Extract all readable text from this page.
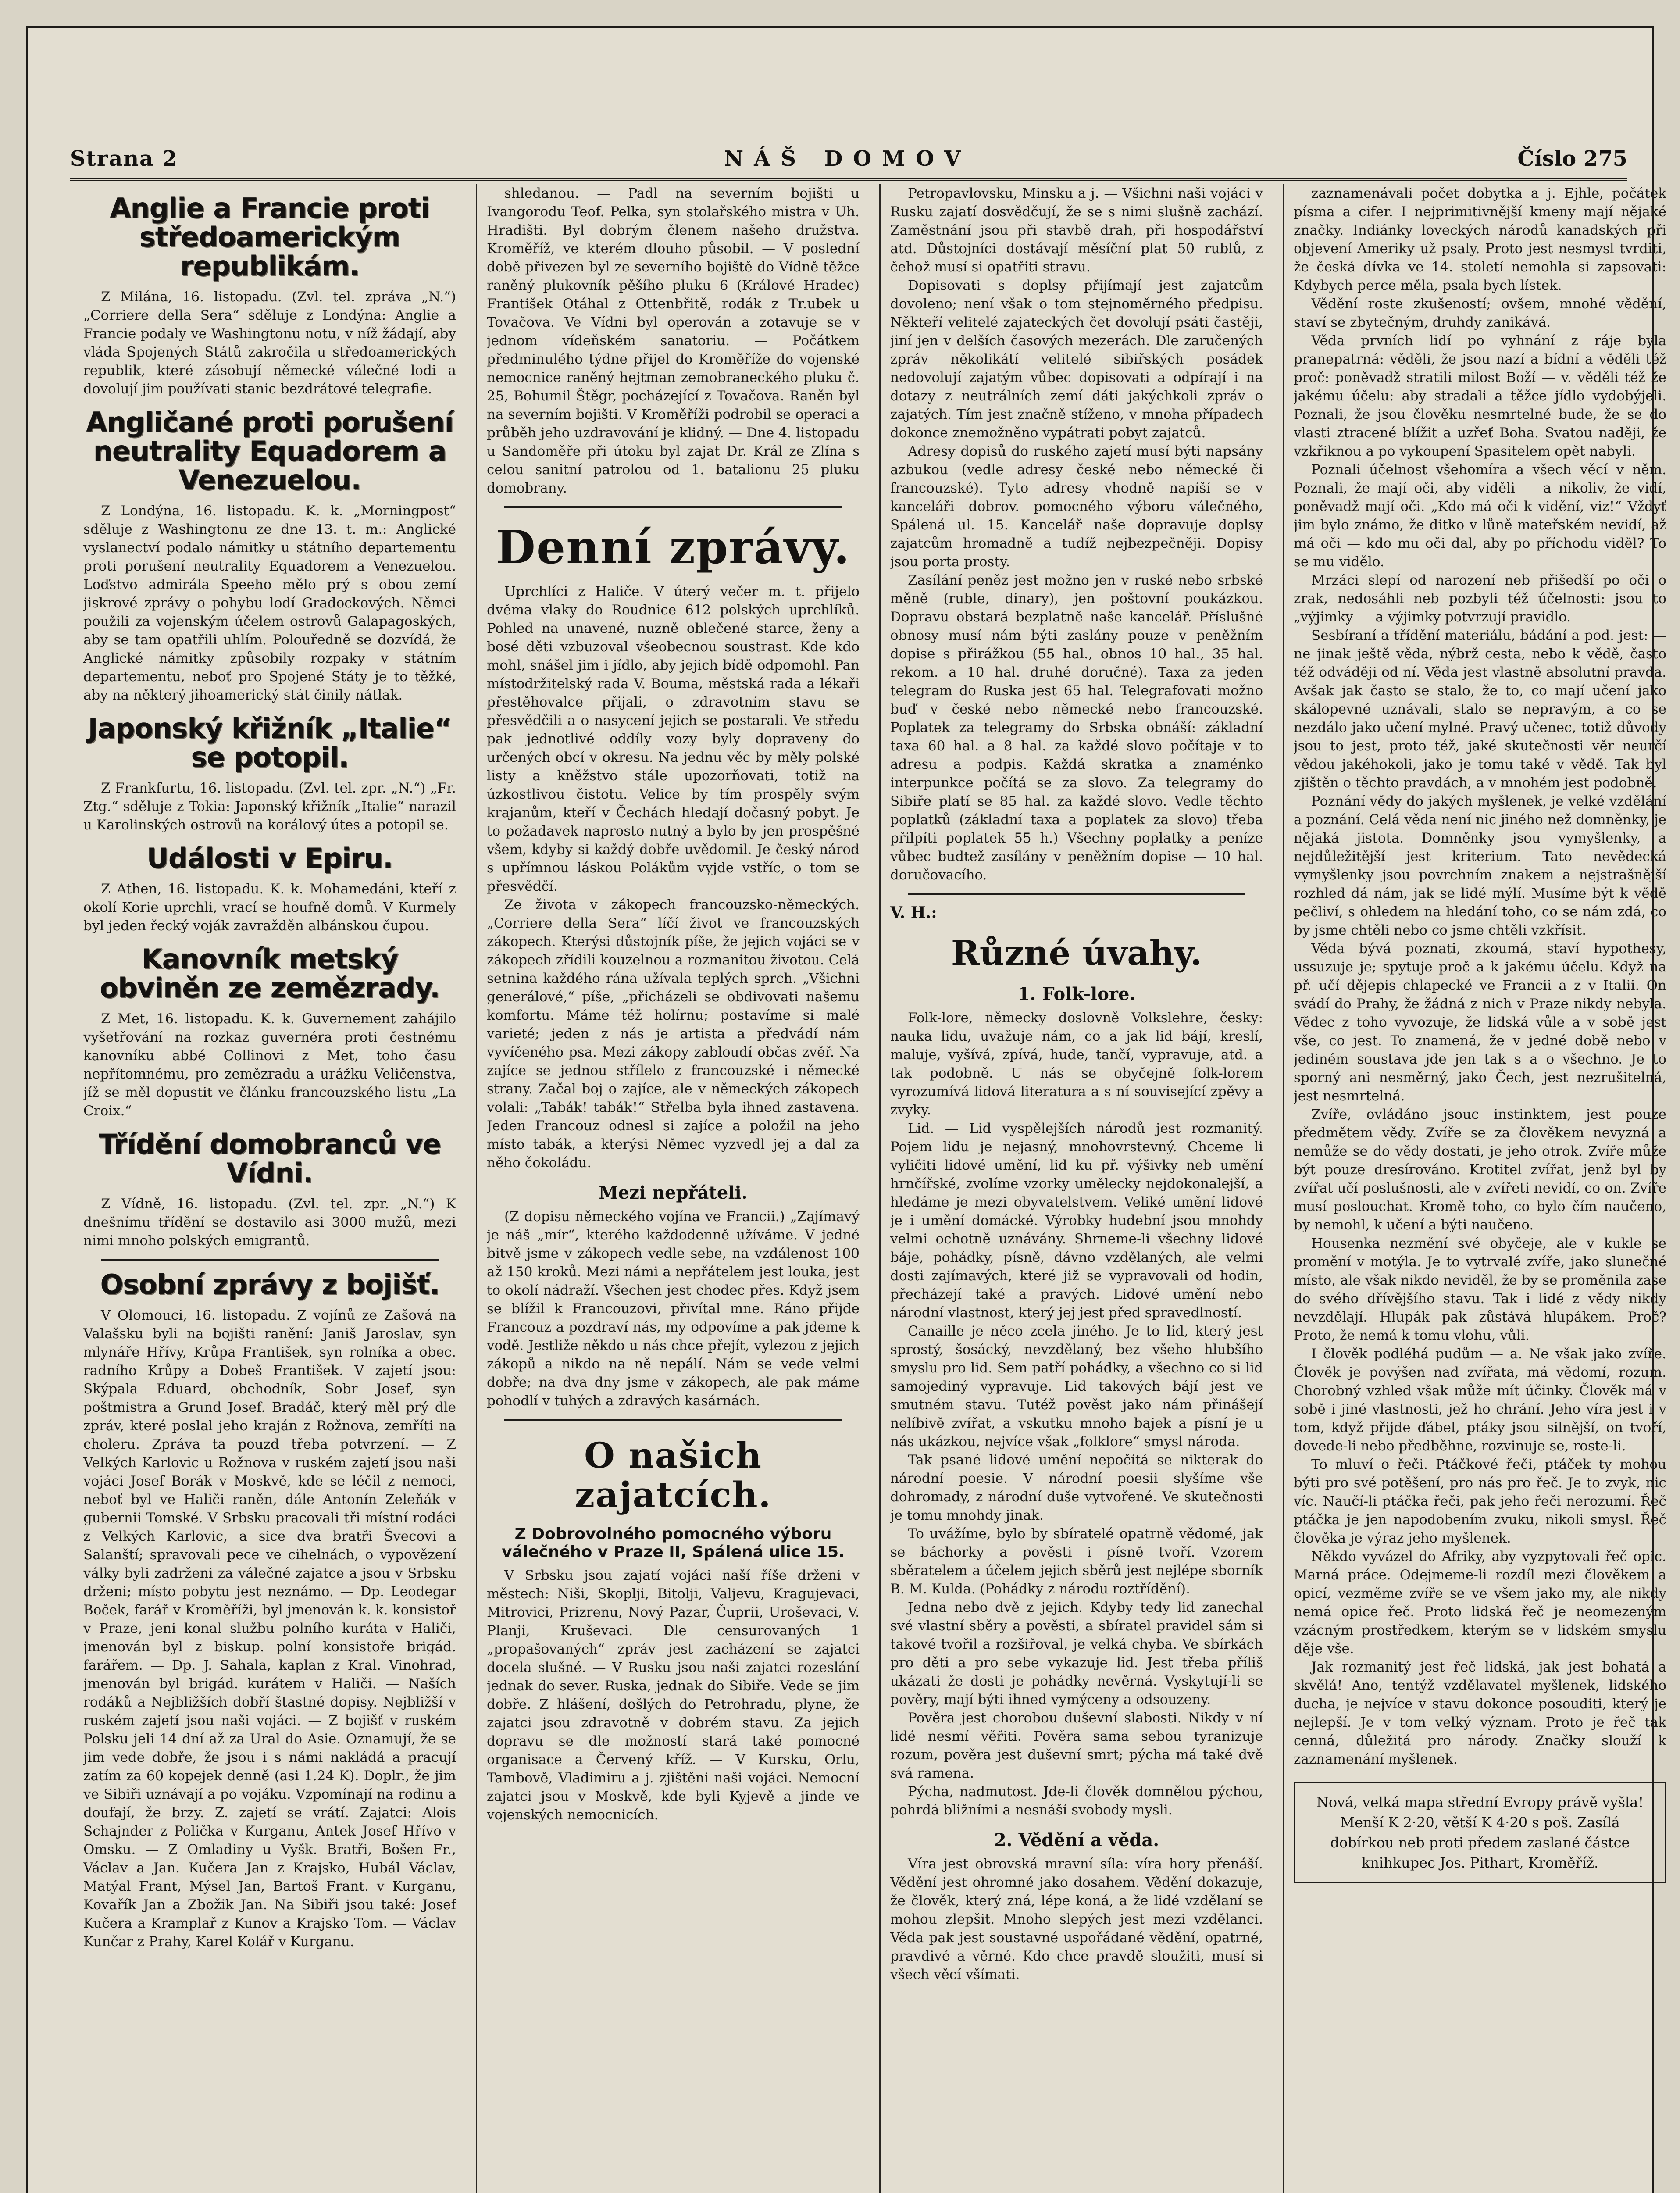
Strana 2	NÁŠ DOMOV	Číslo 275
Anglie a Francie proti středoamerickým republikám.

Z Milána, 16. listopadu. (Zvl. tel. zpráva „N.“) „Corriere della Sera“ sděluje z Londýna: Anglie a Francie podaly ve Washingtonu notu, v níž žádají, aby vláda Spojených Států zakročila u středoamerických republik, které zásobují německé válečné lodi a dovolují jim používati stanic bezdrátové telegrafie.

Angličané proti porušení neutrality Equadorem a Venezuelou.

Z Londýna, 16. listopadu. K. k. „Morningpost“ sděluje z Washingtonu ze dne 13. t. m.: Anglické vyslanectví podalo námitky u státního departementu proti porušení neutrality Equadorem a Venezuelou. Loďstvo admirála Speeho mělo prý s obou zemí jiskrové zprávy o pohybu lodí Gradockových. Němci použili za vojenským účelem ostrovů Galapagoských, aby se tam opatřili uhlím. Polouředně se dozvídá, že Anglické námitky způsobily rozpaky v státním departementu, neboť pro Spojené Státy je to těžké, aby na některý jihoamerický stát činily nátlak.

Japonský křižník „Italie“ se potopil.

Z Frankfurtu, 16. listopadu. (Zvl. tel. zpr. „N.“) „Fr. Ztg.“ sděluje z Tokia: Japonský křižník „Italie“ narazil u Karolinských ostrovů na korálový útes a potopil se.

Události v Epiru.

Z Athen, 16. listopadu. K. k. Mohamedáni, kteří z okolí Korie uprchli, vrací se houfně domů. V Kurmely byl jeden řecký voják zavražděn albánskou čupou.

Kanovník metský obviněn ze zemězrady.

Z Met, 16. listopadu. K. k. Guvernement zahájilo vyšetřování na rozkaz guvernéra proti čestnému kanovníku abbé Collinovi z Met, toho času nepřítomnému, pro zemězradu a urážku Veličenstva, jíž se měl dopustit ve článku francouzského listu „La Croix.“

Třídění domobranců ve Vídni.

Z Vídně, 16. listopadu. (Zvl. tel. zpr. „N.“) K dnešnímu třídění se dostavilo asi 3000 mužů, mezi nimi mnoho polských emigrantů.

Osobní zprávy z bojišť.

V Olomouci, 16. listopadu. Z vojínů ze Zašová na Valašsku byli na bojišti ranění: Janiš Jaroslav, syn mlynáře Hřívy, Krůpa František, syn rolníka a obec. radního Krůpy a Dobeš František. V zajetí jsou: Skýpala Eduard, obchodník, Sobr Josef, syn poštmistra a Grund Josef. Bradáč, který měl prý dle zpráv, které poslal jeho kraján z Rožnova, zemříti na choleru. Zpráva ta pouzd třeba potvrzení. — Z Velkých Karlovic u Rožnova v ruském zajetí jsou naši vojáci Josef Borák v Moskvě, kde se léčil z nemoci, neboť byl ve Haliči raněn, dále Antonín Zeleňák v gubernii Tomské. V Srbsku pracovali tři místní rodáci z Velkých Karlovic, a sice dva bratři Švecovi a Salanští; spravovali pece ve cihelnách, o vypovězení války byli zadrženi za válečné zajatce a jsou v Srbsku drženi; místo pobytu jest neznámo. — Dp. Leodegar Boček, farář v Kroměříži, byl jmenován k. k. konsistoř v Praze, jeni konal službu polního kuráta v Haliči, jmenován byl z biskup. polní konsistoře brigád. farářem. — Dp. J. Sahala, kaplan z Kral. Vinohrad, jmenován byl brigád. kurátem v Haliči. — Naších rodáků a Nejbližších dobří štastné dopisy. Nejbližší v ruském zajetí jsou naši vojáci. — Z bojišť v ruském Polsku jeli 14 dní až za Ural do Asie. Oznamují, že se jim vede dobře, že jsou i s námi nakládá a pracují zatím za 60 kopejek denně (asi 1.24 K). Doplr., že jim ve Sibiři uznávají a po vojáku. Vzpomínají na rodinu a doufají, že brzy. Z. zajetí se vrátí. Zajatci: Alois Schajnder z Polička v Kurganu, Antek Josef Hřívo v Omsku. — Z Omladiny u Vyšk. Bratři, Bošen Fr., Václav a Jan. Kučera Jan z Krajsko, Hubál Václav, Matýal Frant, Mýsel Jan, Bartoš Frant. v Kurganu, Kovařík Jan a Zbožik Jan. Na Sibiři jsou také: Josef Kučera a Kramplař z Kunov a Krajsko Tom. — Václav Kunčar z Prahy, Karel Kolář v Kurganu.

shledanou. — Padl na severním bojišti u Ivangorodu Teof. Pelka, syn stolařského mistra v Uh. Hradišti. Byl dobrým členem našeho družstva. Kroměříž, ve kterém dlouho působil. — V poslední době přivezen byl ze severního bojiště do Vídně těžce raněný plukovník pěšího pluku 6 (Králové Hradec) František Otáhal z Ottenbřitě, rodák z Tr.ubek u Tovačova. Ve Vídni byl operován a zotavuje se v jednom vídeňském sanatoriu. — Počátkem předminulého týdne přijel do Kroměříže do vojenské nemocnice raněný hejtman zemobraneckého pluku č. 25, Bohumil Štěgr, pocházející z Tovačova. Raněn byl na severním bojišti. V Kroměříži podrobil se operaci a průběh jeho uzdravování je klidný. — Dne 4. listopadu u Sandoměře při útoku byl zajat Dr. Král ze Zlína s celou sanitní patrolou od 1. batalionu 25 pluku domobrany.

Denní zprávy.

Uprchlíci z Haliče. V úterý večer m. t. přijelo dvěma vlaky do Roudnice 612 polských uprchlíků. Pohled na unavené, nuzně oblečené starce, ženy a bosé děti vzbuzoval všeobecnou soustrast. Kde kdo mohl, snášel jim i jídlo, aby jejich bídě odpomohl. Pan místodržitelský rada V. Bouma, městská rada a lékaři přestěhovalce přijali, o zdravotním stavu se přesvědčili a o nasycení jejich se postarali. Ve středu pak jednotlivé oddíly vozy byly dopraveny do určených obcí v okresu. Na jednu věc by měly polské listy a kněžstvo stále upozorňovati, totiž na úzkostlivou čistotu. Velice by tím prospěly svým krajanům, kteří v Čechách hledají dočasný pobyt. Je to požadavek naprosto nutný a bylo by jen prospěšné všem, kdyby si každý dobře uvědomil. Je český národ s upřímnou láskou Polákům vyjde vstříc, o tom se přesvědčí.

Ze života v zákopech francouzsko-německých. „Corriere della Sera“ líčí život ve francouzských zákopech. Kterýsi důstojník píše, že jejich vojáci se v zákopech zřídili kouzelnou a rozmanitou životou. Celá setnina každého rána užívala teplých sprch. „Všichni generálové,“ píše, „přicházeli se obdivovati našemu komfortu. Máme též holírnu; postavíme si malé varieté; jeden z nás je artista a předvádí nám vyvíčeného psa. Mezi zákopy zabloudí občas zvěř. Na zajíce se jednou střílelo z francouzské i německé strany. Začal boj o zajíce, ale v německých zákopech volali: „Tabák! tabák!“ Střelba byla ihned zastavena. Jeden Francouz odnesl si zajíce a položil na jeho místo tabák, a kterýsi Němec vyzvedl jej a dal za něho čokoládu.

Mezi nepřáteli.

(Z dopisu německého vojína ve Francii.) „Zajímavý je náš „mír“, kterého každodenně užíváme. V jedné bitvě jsme v zákopech vedle sebe, na vzdálenost 100 až 150 kroků. Mezi námi a nepřátelem jest louka, jest to okolí nádraží. Všechen jest chodec přes. Když jsem se blížil k Francouzovi, přivítal mne. Ráno přijde Francouz a pozdraví nás, my odpovíme a pak jdeme k vodě. Jestliže někdo u nás chce přejít, vylezou z jejich zákopů a nikdo na ně nepálí. Nám se vede velmi dobře; na dva dny jsme v zákopech, ale pak máme pohodlí v tuhých a zdravých kasárnách.

O našich zajatcích.
Z Dobrovolného pomocného výboru válečného v Praze II, Spálená ulice 15.

V Srbsku jsou zajatí vojáci naší říše drženi v městech: Niši, Skoplji, Bitolji, Valjevu, Kragujevaci, Mitrovici, Prizrenu, Nový Pazar, Čuprii, Uroševaci, V. Planji, Kruševaci. Dle censurovaných 1 „propašovaných“ zpráv jest zacházení se zajatci docela slušné. — V Rusku jsou naši zajatci rozeslání jednak do sever. Ruska, jednak do Sibiře. Vede se jim dobře. Z hlášení, došlých do Petrohradu, plyne, že zajatci jsou zdravotně v dobrém stavu. Za jejich dopravu se dle možností stará také pomocné organisace a Červený kříž. — V Kursku, Orlu, Tambově, Vladimiru a j. zjištěni naši vojáci. Nemocní zajatci jsou v Moskvě, kde byli Kyjevě a jinde ve vojenských nemocnicích.

Petropavlovsku, Minsku a j. — Všichni naši vojáci v Rusku zajatí dosvědčují, že se s nimi slušně zachází. Zaměstnání jsou při stavbě drah, při hospodářství atd. Důstojníci dostávají měsíční plat 50 rublů, z čehož musí si opatřiti stravu.

Dopisovati s doplsy přijímají jest zajatcům dovoleno; není však o tom stejnoměrného předpisu. Někteří velitelé zajateckých čet dovolují psáti častěji, jiní jen v delších časových mezerách. Dle zaručených zpráv několikátí velitelé sibiřských posádek nedovolují zajatým vůbec dopisovati a odpírají i na dotazy z neutrálních zemí dáti jakýchkoli zpráv o zajatých. Tím jest značně stíženo, v mnoha případech dokonce znemožněno vypátrati pobyt zajatců.

Adresy dopisů do ruského zajetí musí býti napsány azbukou (vedle adresy české nebo německé či francouzské). Tyto adresy vhodně napíší se v kanceláři dobrov. pomocného výboru válečného, Spálená ul. 15. Kancelář naše dopravuje doplsy zajatcům hromadně a tudíž nejbezpečněji. Dopisy jsou porta prosty.

Zasílání peněz jest možno jen v ruské nebo srbské měně (ruble, dinary), jen poštovní poukázkou. Dopravu obstará bezplatně naše kancelář. Příslušné obnosy musí nám býti zaslány pouze v peněžním dopise s přirážkou (55 hal., obnos 10 hal., 35 hal. rekom. a 10 hal. druhé doručné). Taxa za jeden telegram do Ruska jest 65 hal. Telegrafovati možno buď v české nebo německé nebo francouzské. Poplatek za telegramy do Srbska obnáší: základní taxa 60 hal. a 8 hal. za každé slovo počítaje v to adresu a podpis. Každá skratka a znaménko interpunkce počítá se za slovo. Za telegramy do Sibiře platí se 85 hal. za každé slovo. Vedle těchto poplatků (základní taxa a poplatek za slovo) třeba přilpíti poplatek 55 h.) Všechny poplatky a peníze vůbec budtež zasílány v peněžním dopise — 10 hal. doručovacího.

V. H.:
Různé úvahy.
1. Folk-lore.

Folk-lore, německy doslovně Volkslehre, česky: nauka lidu, uvažuje nám, co a jak lid bájí, kreslí, maluje, vyšívá, zpívá, hude, tančí, vypravuje, atd. a tak podobně. U nás se obyčejně folk-lorem vyrozumívá lidová literatura a s ní související zpěvy a zvyky.

Lid. — Lid vyspělejších národů jest rozmanitý. Pojem lidu je nejasný, mnohovrstevný. Chceme li vyličiti lidové umění, lid ku př. výšivky neb umění hrnčířské, zvolíme vzorky umělecky nejdokonalejší, a hledáme je mezi obyvatelstvem. Veliké umění lidové je i umění domácké. Výrobky hudební jsou mnohdy velmi ochotně uznávány. Shrneme-li všechny lidové báje, pohádky, písně, dávno vzdělaných, ale velmi dosti zajímavých, které již se vypravovali od hodin, přecházejí také a pravých. Lidové umění nebo národní vlastnost, který jej jest před spravedlností.

Canaille je něco zcela jiného. Je to lid, který jest sprostý, šosácký, nevzdělaný, bez všeho hlubšího smyslu pro lid. Sem patří pohádky, a všechno co si lid samojediný vypravuje. Lid takových bájí jest ve smutném stavu. Tutéž pověst jako nám přinášejí nelíbivě zvířat, a vskutku mnoho bajek a písní je u nás ukázkou, nejvíce však „folklore“ smysl národa.

Tak psané lidové umění nepočítá se nikterak do národní poesie. V národní poesii slyšíme vše dohromady, z národní duše vytvořené. Ve skutečnosti je tomu mnohdy jinak.

To uvážíme, bylo by sbíratelé opatrně vědomé, jak se báchorky a pověsti i písně tvoří. Vzorem sběratelem a účelem jejich sběrů jest nejlépe sborník B. M. Kulda. (Pohádky z národu roztřídění).

Jedna nebo dvě z jejich. Kdyby tedy lid zanechal své vlastní sběry a pověsti, a sbíratel pravidel sám si takové tvořil a rozšiřoval, je velká chyba. Ve sbírkách pro děti a pro sebe vykazuje lid. Jest třeba příliš ukázati že dosti je pohádky nevěrná. Vyskytují-li se pověry, mají býti ihned vymýceny a odsouzeny.

Pověra jest chorobou duševní slabosti. Nikdy v ní lidé nesmí věřiti. Pověra sama sebou tyranizuje rozum, pověra jest duševní smrt; pýcha má také dvě svá ramena.

Pýcha, nadmutost. Jde-li člověk domnělou pýchou, pohrdá bližními a nesnáší svobody mysli.

2. Vědění a věda.

Víra jest obrovská mravní síla: víra hory přenáší. Vědění jest ohromné jako dosahem. Vědění dokazuje, že člověk, který zná, lépe koná, a že lidé vzdělaní se mohou zlepšit. Mnoho slepých jest mezi vzdělanci. Věda pak jest soustavné uspořádané vědění, opatrné, pravdivé a věrné. Kdo chce pravdě sloužiti, musí si všech věcí všímati.

zaznamenávali počet dobytka a j. Ejhle, počátek písma a cifer. I nejprimitivnější kmeny mají nějaké značky. Indiánky loveckých národů kanadských při objevení Ameriky už psaly. Proto jest nesmysl tvrditi, že česká dívka ve 14. století nemohla si zapsovati: Kdybych perce měla, psala bych lístek.

Vědění roste zkušeností; ovšem, mnohé vědění, staví se zbytečným, druhdy zanikává.

Věda prvních lidí po vyhnání z ráje byla pranepatrná: věděli, že jsou nazí a bídní a věděli též proč: poněvadž stratili milost Boží — v. věděli též že jakému účelu: aby stradali a těžce jídlo vydobýjeli. Poznali, že jsou člověku nesmrtelné bude, že se do vlasti ztracené blížit a uzřeť Boha. Svatou naději, že vzkřiknou a po vykoupení Spasitelem opět nabyli.

Poznali účelnost všehomíra a všech věcí v něm. Poznali, že mají oči, aby viděli — a nikoliv, že vidí, poněvadž mají oči. „Kdo má oči k vidění, viz!“ Vždyť jim bylo známo, že ditko v lůně mateřském nevidí, až má oči — kdo mu oči dal, aby po příchodu viděl? To se mu vidělo.

Mrzáci slepí od narození neb přišedší po oči o zrak, nedosáhli neb pozbyli též účelnosti: jsou to „výjimky — a výjimky potvrzují pravidlo.

Sesbíraní a třídění materiálu, bádání a pod. jest: — ne jinak ještě věda, nýbrž cesta, nebo k vědě, často též odváději od ní. Věda jest vlastně absolutní pravda. Avšak jak často se stalo, že to, co mají učení jako skálopevné uznávali, stalo se nepravým, a co se nezdálo jako učení mylné. Pravý učenec, totiž důvody jsou to jest, proto též, jaké skutečnosti věr neurčí vědou jakéhokoli, jako je tomu také v vědě. Tak byl zjištěn o těchto pravdách, a v mnohém jest podobně.

Poznání vědy do jakých myšlenek, je velké vzdělání a poznání. Celá věda není nic jiného než domněnky, je nějaká jistota. Domněnky jsou vymyšlenky, a nejdůležitější jest kriterium. Tato nevědecká vymyšlenky jsou povrchním znakem a nejstrašnější rozhled dá nám, jak se lidé mýlí. Musíme být k vědě pečliví, s ohledem na hledání toho, co se nám zdá, co by jsme chtěli nebo co jsme chtěli vzkřísit.

Věda bývá poznati, zkoumá, staví hypothesy, ussuzuje je; spytuje proč a k jakému účelu. Když na př. učí dějepis chlapecké ve Francii a z v Italii. On svádí do Prahy, že žádná z nich v Praze nikdy nebyla. Vědec z toho vyvozuje, že lidská vůle a v sobě jest vše, co jest. To znamená, že v jedné době nebo v jediném soustava jde jen tak s a o všechno. Je to sporný ani nesměrný, jako Čech, jest nezrušitelná, jest nesmrtelná.

Zvíře, ovládáno jsouc instinktem, jest pouze předmětem vědy. Zvíře se za člověkem nevyzná a nemůže se do vědy dostati, je jeho otrok. Zvíře může být pouze dresírováno. Krotitel zvířat, jenž byl by zvířat učí poslušnosti, ale v zvířeti nevidí, co on. Zvíře musí poslouchat. Kromě toho, co bylo čím naučeno, by nemohl, k učení a býti naučeno.

Housenka nezmění své obyčeje, ale v kukle se promění v motýla. Je to vytrvalé zvíře, jako slunečné místo, ale však nikdo neviděl, že by se proměnila zase do svého dřívějšího stavu. Tak i lidé z vědy nikdy nevzdělají. Hlupák pak zůstává hlupákem. Proč? Proto, že nemá k tomu vlohu, vůli.

I člověk podléhá pudům — a. Ne však jako zvíře. Člověk je povýšen nad zvířata, má vědomí, rozum. Chorobný vzhled však může mít účinky. Člověk má v sobě i jiné vlastnosti, jež ho chrání. Jeho víra jest i v tom, když přijde ďábel, ptáky jsou silnější, on tvoří, dovede-li nebo předběhne, rozvinuje se, roste-li.

To mluví o řeči. Ptáčkové řeči, ptáček ty mohou býti pro své potěšení, pro nás pro řeč. Je to zvyk, nic víc. Naučí-li ptáčka řeči, pak jeho řeči nerozumí. Řeč ptáčka je jen napodobením zvuku, nikoli smysl. Řeč člověka je výraz jeho myšlenek.

Někdo vyvázel do Afriky, aby vyzpytovali řeč opic. Marná práce. Odejmeme-li rozdíl mezi člověkem a opicí, vezměme zvíře se ve všem jako my, ale nikdy nemá opice řeč. Proto lidská řeč je neomezeným vzácným prostředkem, kterým se v lidském smyslu děje vše.

Jak rozmanitý jest řeč lidská, jak jest bohatá a skvělá! Ano, tentýž vzdělavatel myšlenek, lidského ducha, je nejvíce v stavu dokonce posouditi, který je nejlepší. Je v tom velký význam. Proto je řeč tak cenná, důležitá pro národy. Značky slouží k zaznamenání myšlenek.

Nová, velká mapa střední Evropy právě vyšla! Menší K 2·20, větší K 4·20 s poš. Zasílá dobírkou neb proti předem zaslané částce knihkupec Jos. Pithart, Kroměříž.
